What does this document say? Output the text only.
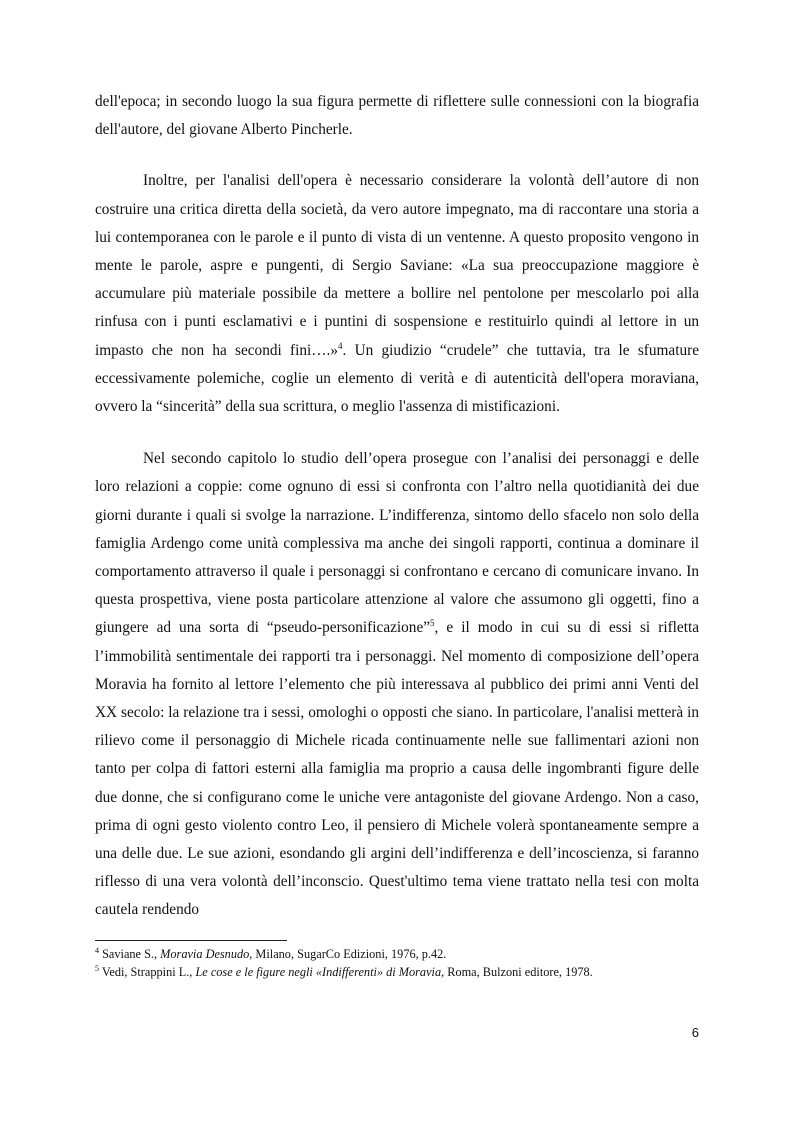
dell'epoca; in secondo luogo la sua figura permette di riflettere sulle connessioni con la biografia dell'autore, del giovane Alberto Pincherle.

Inoltre, per l'analisi dell'opera è necessario considerare la volontà dell’autore di non costruire una critica diretta della società, da vero autore impegnato, ma di raccontare una storia a lui contemporanea con le parole e il punto di vista di un ventenne. A questo proposito vengono in mente le parole, aspre e pungenti, di Sergio Saviane: «La sua preoccupazione maggiore è accumulare più materiale possibile da mettere a bollire nel pentolone per mescolarlo poi alla rinfusa con i punti esclamativi e i puntini di sospensione e restituirlo quindi al lettore in un impasto che non ha secondi fini….»$^4$. Un giudizio “crudele” che tuttavia, tra le sfumature eccessivamente polemiche, coglie un elemento di verità e di autenticità dell'opera moraviana, ovvero la “sincerità” della sua scrittura, o meglio l'assenza di mistificazioni.

Nel secondo capitolo lo studio dell’opera prosegue con l’analisi dei personaggi e delle loro relazioni a coppie: come ognuno di essi si confronta con l’altro nella quotidianità dei due giorni durante i quali si svolge la narrazione. L’indifferenza, sintomo dello sfacelo non solo della famiglia Ardengo come unità complessiva ma anche dei singoli rapporti, continua a dominare il comportamento attraverso il quale i personaggi si confrontano e cercano di comunicare invano. In questa prospettiva, viene posta particolare attenzione al valore che assumono gli oggetti, fino a giungere ad una sorta di “pseudo-personificazione”$^5$, e il modo in cui su di essi si rifletta l’immobilità sentimentale dei rapporti tra i personaggi. Nel momento di composizione dell’opera Moravia ha fornito al lettore l’elemento che più interessava al pubblico dei primi anni Venti del XX secolo: la relazione tra i sessi, omologhi o opposti che siano. In particolare, l'analisi metterà in rilievo come il personaggio di Michele ricada continuamente nelle sue fallimentari azioni non tanto per colpa di fattori esterni alla famiglia ma proprio a causa delle ingombranti figure delle due donne, che si configurano come le uniche vere antagoniste del giovane Ardengo. Non a caso, prima di ogni gesto violento contro Leo, il pensiero di Michele volerà spontaneamente sempre a una delle due. Le sue azioni, esondando gli argini dell’indifferenza e dell’incoscienza, si faranno riflesso di una vera volontà dell’inconscio. Quest'ultimo tema viene trattato nella tesi con molta cautela rendendo

$^4$ Saviane S., Moravia Desnudo, Milano, SugarCo Edizioni, 1976, p.42.

$^5$ Vedi, Strappini L., Le cose e le figure negli «Indifferenti» di Moravia, Roma, Bulzoni editore, 1978.

6
